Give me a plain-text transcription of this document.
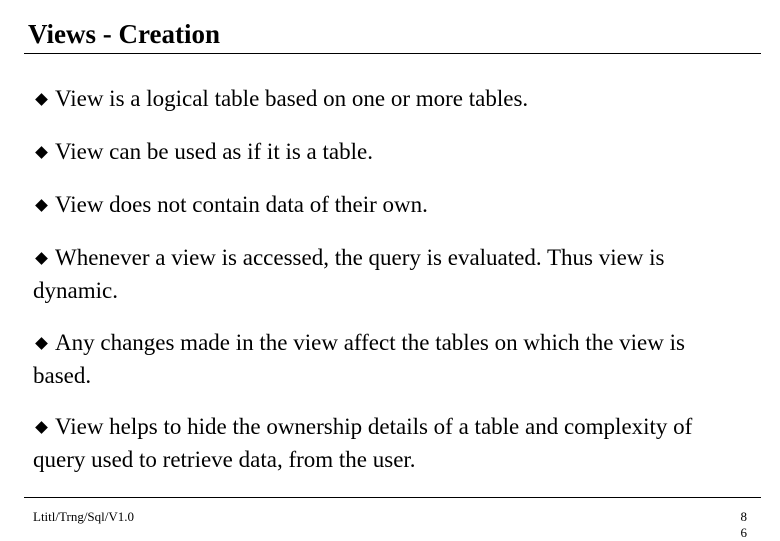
Views - Creation
View is a logical table based on one or more tables.
View can be used as if it is a table.
View does not contain data of their own.
Whenever a view is accessed, the query is evaluated. Thus view is dynamic.
Any changes made in the view affect the tables on which the view is based.
View helps to hide the ownership details of a table and complexity of query used to retrieve data, from the user.
Ltitl/Trng/Sql/V1.0	86
